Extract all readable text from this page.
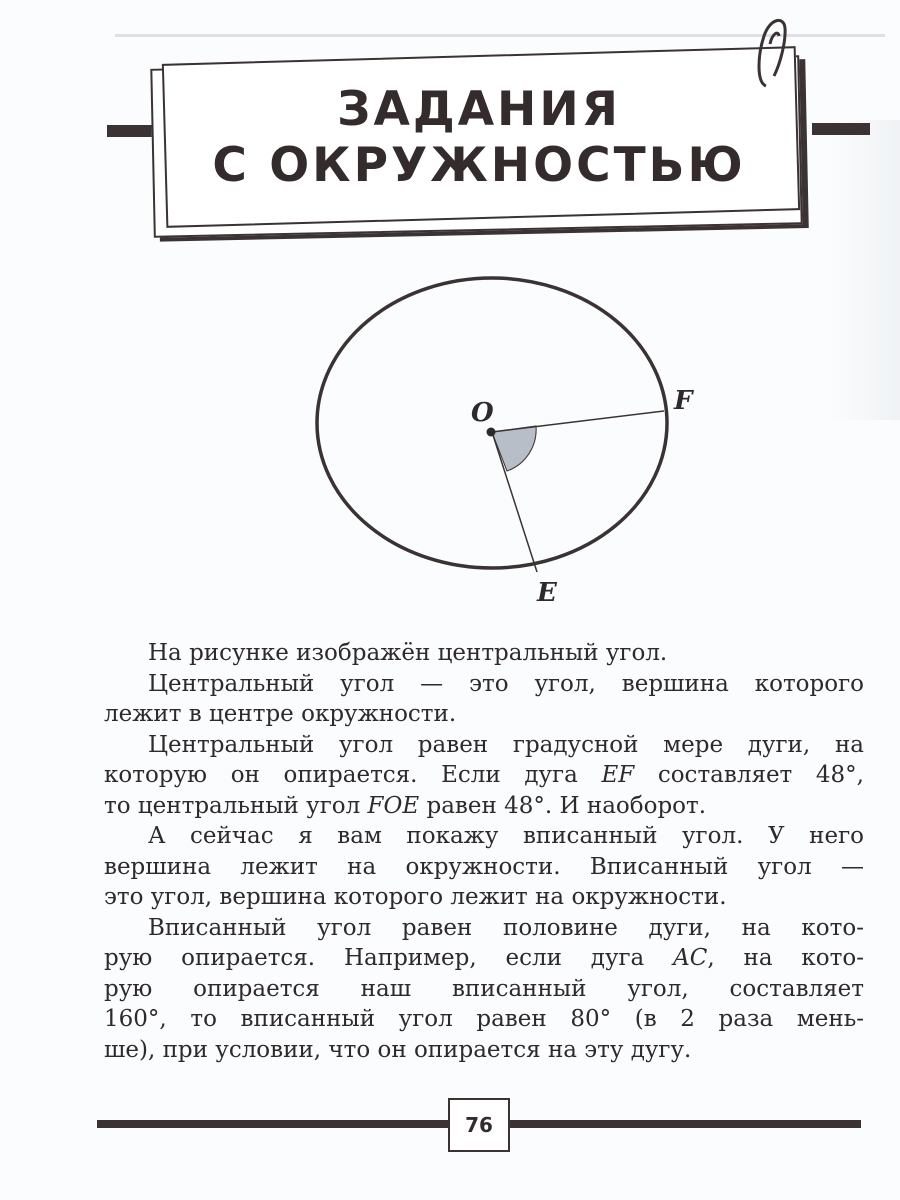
ЗАДАНИЯ
С ОКРУЖНОСТЬЮ
O	F
E

На рисунке изображён центральный угол.

Центральный угол — это угол, вершина которого
лежит в центре окружности.

Центральный угол равен градусной мере дуги, на
которую он опирается. Если дуга EF составляет 48°,
то центральный угол FOE равен 48°. И наоборот.

А сейчас я вам покажу вписанный угол. У него
вершина лежит на окружности. Вписанный угол —
это угол, вершина которого лежит на окружности.

Вписанный угол равен половине дуги, на кото-
рую опирается. Например, если дуга AC, на кото-
рую опирается наш вписанный угол, составляет
160°, то вписанный угол равен 80° (в 2 раза мень-
ше), при условии, что он опирается на эту дугу.

76
